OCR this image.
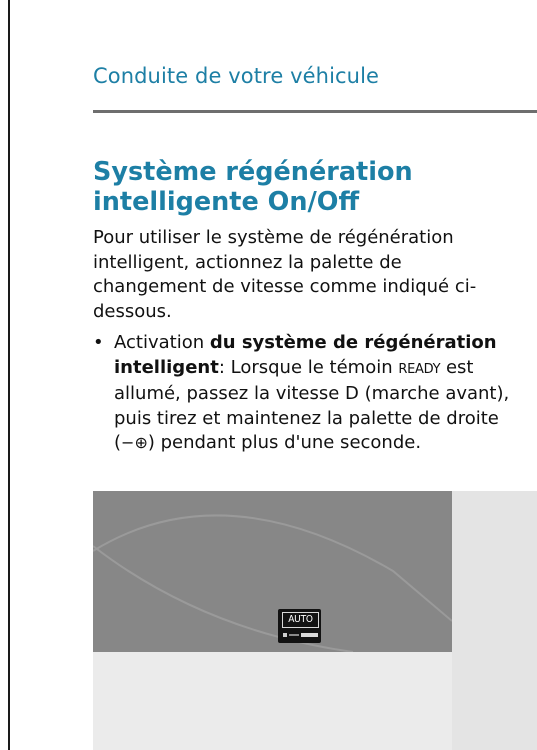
Conduite de votre véhicule
Système régénération
intelligente On/Off
Pour utiliser le système de régénération intelligent, actionnez la palette de changement de vitesse comme indiqué ci-dessous.
• Activation du système de régénération intelligent: Lorsque le témoin READY est allumé, passez la vitesse D (marche avant), puis tirez et maintenez la palette de droite (−⊕) pendant plus d'une seconde.
AUTO
